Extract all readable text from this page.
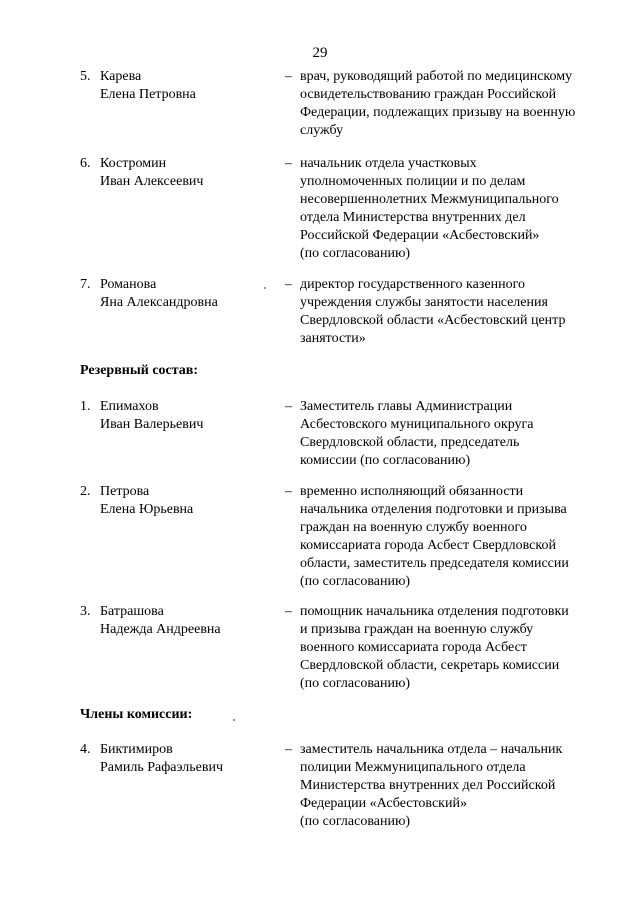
29
5. Карева
Елена Петровна
– врач, руководящий работой по медицинскому
освидетельствованию граждан Российской
Федерации, подлежащих призыву на военную
службу
6. Костромин
Иван Алексеевич
– начальник отдела участковых
уполномоченных полиции и по делам
несовершеннолетних Межмуниципального
отдела Министерства внутренних дел
Российской Федерации «Асбестовский»
(по согласованию)
7. Романова
Яна Александровна
– директор государственного казенного
учреждения службы занятости населения
Свердловской области «Асбестовский центр
занятости»
Резервный состав:
1. Епимахов
Иван Валерьевич
– Заместитель главы Администрации
Асбестовского муниципального округа
Свердловской области, председатель
комиссии (по согласованию)
2. Петрова
Елена Юрьевна
– временно исполняющий обязанности
начальника отделения подготовки и призыва
граждан на военную службу военного
комиссариата города Асбест Свердловской
области, заместитель председателя комиссии
(по согласованию)
3. Батрашова
Надежда Андреевна
– помощник начальника отделения подготовки
и призыва граждан на военную службу
военного комиссариата города Асбест
Свердловской области, секретарь комиссии
(по согласованию)
Члены комиссии:
4. Биктимиров
Рамиль Рафаэльевич
– заместитель начальника отдела – начальник
полиции Межмуниципального отдела
Министерства внутренних дел Российской
Федерации «Асбестовский»
(по согласованию)
